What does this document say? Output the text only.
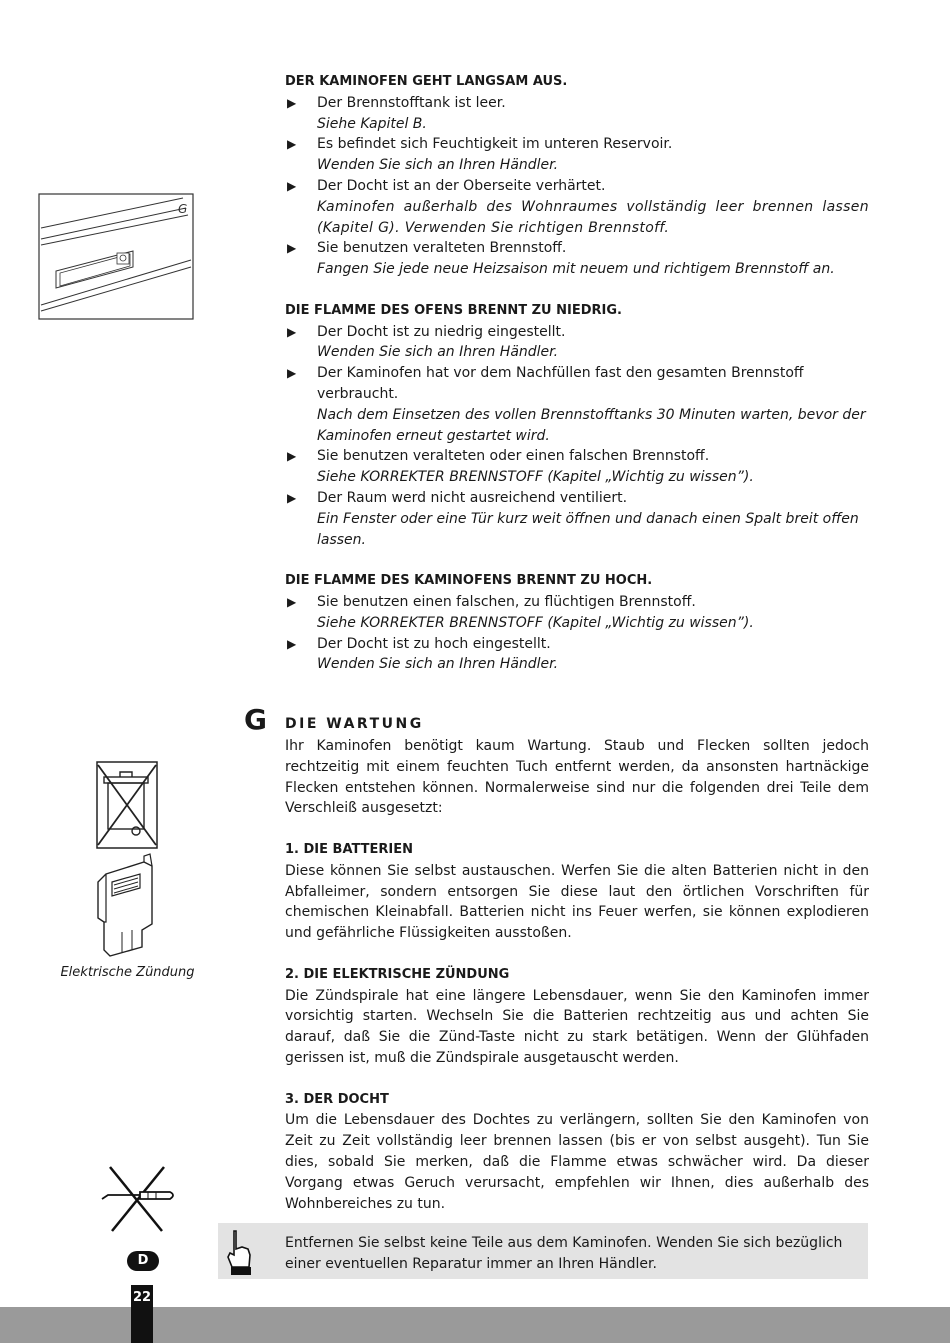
DER KAMINOFEN GEHT LANGSAM AUS.

▶ Der Brennstofftank ist leer.
Siehe Kapitel B.
▶ Es befindet sich Feuchtigkeit im unteren Reservoir.
Wenden Sie sich an Ihren Händler.
▶ Der Docht ist an der Oberseite verhärtet.
Kaminofen außerhalb des Wohnraumes vollständig leer brennen lassen (Kapitel G). Verwenden Sie richtigen Brennstoff.
▶ Sie benutzen veralteten Brennstoff.
Fangen Sie jede neue Heizsaison mit neuem und richtigem Brennstoff an.

DIE FLAMME DES OFENS BRENNT ZU NIEDRIG.

▶ Der Docht ist zu niedrig eingestellt.
Wenden Sie sich an Ihren Händler.
▶ Der Kaminofen hat vor dem Nachfüllen fast den gesamten Brennstoff verbraucht.
Nach dem Einsetzen des vollen Brennstofftanks 30 Minuten warten, bevor der Kaminofen erneut gestartet wird.
▶ Sie benutzen veralteten oder einen falschen Brennstoff.
Siehe KORREKTER BRENNSTOFF (Kapitel „Wichtig zu wissen”).
▶ Der Raum werd nicht ausreichend ventiliert.
Ein Fenster oder eine Tür kurz weit öffnen und danach einen Spalt breit offen lassen.

DIE FLAMME DES KAMINOFENS BRENNT ZU HOCH.

▶ Sie benutzen einen falschen, zu flüchtigen Brennstoff.
Siehe KORREKTER BRENNSTOFF (Kapitel „Wichtig zu wissen”).
▶ Der Docht ist zu hoch eingestellt.
Wenden Sie sich an Ihren Händler.
G DIE WARTUNG

Ihr Kaminofen benötigt kaum Wartung. Staub und Flecken sollten jedoch rechtzeitig mit einem feuchten Tuch entfernt werden, da ansonsten hartnäckige Flecken entstehen können. Normalerweise sind nur die folgenden drei Teile dem Verschleiß ausgesetzt:

1. DIE BATTERIEN

Diese können Sie selbst austauschen. Werfen Sie die alten Batterien nicht in den Abfalleimer, sondern entsorgen Sie diese laut den örtlichen Vorschriften für chemischen Kleinabfall. Batterien nicht ins Feuer werfen, sie können explodieren und gefährliche Flüssigkeiten ausstoßen.

2. DIE ELEKTRISCHE ZÜNDUNG

Die Zündspirale hat eine längere Lebensdauer, wenn Sie den Kaminofen immer vorsichtig starten. Wechseln Sie die Batterien rechtzeitig aus und achten Sie darauf, daß Sie die Zünd-Taste nicht zu stark betätigen. Wenn der Glühfaden gerissen ist, muß die Zündspirale ausgetauscht werden.

3. DER DOCHT

Um die Lebensdauer des Dochtes zu verlängern, sollten Sie den Kaminofen von Zeit zu Zeit vollständig leer brennen lassen (bis er von selbst ausgeht). Tun Sie dies, sobald Sie merken, daß die Flamme etwas schwächer wird. Da dieser Vorgang etwas Geruch verursacht, empfehlen wir Ihnen, dies außerhalb des Wohnbereiches zu tun.

G
Elektrische Zündung
Entfernen Sie selbst keine Teile aus dem Kaminofen. Wenden Sie sich bezüglich einer eventuellen Reparatur immer an Ihren Händler.
D
22
